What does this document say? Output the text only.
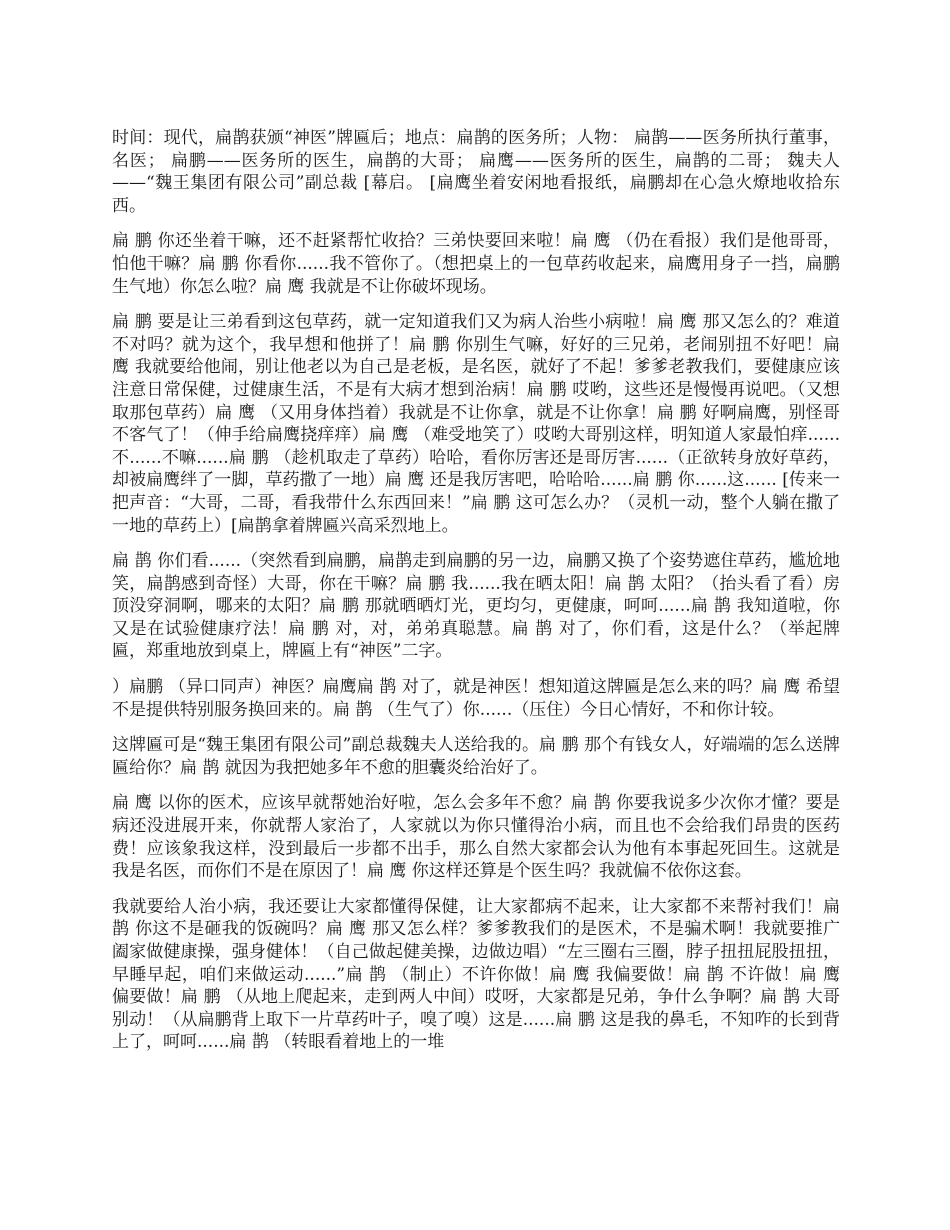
时间：现代，扁鹊获颁“神医”牌匾后；地点：扁鹊的医务所；人物： 扁鹊——医务所执行董事，名医； 扁鹏——医务所的医生，扁鹊的大哥； 扁鹰——医务所的医生，扁鹊的二哥； 魏夫人——“魏王集团有限公司”副总裁 [幕启。 [扁鹰坐着安闲地看报纸，扁鹏却在心急火燎地收拾东西。

扁 鹏 你还坐着干嘛，还不赶紧帮忙收拾？三弟快要回来啦！扁 鹰 （仍在看报）我们是他哥哥，怕他干嘛？扁 鹏 你看你......我不管你了。（想把桌上的一包草药收起来，扁鹰用身子一挡，扁鹏生气地）你怎么啦？扁 鹰 我就是不让你破坏现场。

扁 鹏 要是让三弟看到这包草药，就一定知道我们又为病人治些小病啦！扁 鹰 那又怎么的？难道不对吗？就为这个，我早想和他拼了！扁 鹏 你别生气嘛，好好的三兄弟，老闹别扭不好吧！扁 鹰 我就要给他闹，别让他老以为自己是老板，是名医，就好了不起！爹爹老教我们，要健康应该注意日常保健，过健康生活，不是有大病才想到治病！扁 鹏 哎哟，这些还是慢慢再说吧。（又想取那包草药）扁 鹰 （又用身体挡着）我就是不让你拿，就是不让你拿！扁 鹏 好啊扁鹰，别怪哥不客气了！（伸手给扁鹰挠痒痒）扁 鹰 （难受地笑了）哎哟大哥别这样，明知道人家最怕痒......不......不嘛......扁 鹏 （趁机取走了草药）哈哈，看你厉害还是哥厉害......（正欲转身放好草药，却被扁鹰绊了一脚，草药撒了一地）扁 鹰 还是我厉害吧，哈哈哈......扁 鹏 你......这...... [传来一把声音：“大哥，二哥，看我带什么东西回来！”扁 鹏 这可怎么办？（灵机一动，整个人躺在撒了一地的草药上）[扁鹊拿着牌匾兴高采烈地上。

扁 鹊 你们看......（突然看到扁鹏，扁鹊走到扁鹏的另一边，扁鹏又换了个姿势遮住草药，尴尬地笑，扁鹊感到奇怪）大哥，你在干嘛？扁 鹏 我......我在晒太阳！扁 鹊 太阳？（抬头看了看）房顶没穿洞啊，哪来的太阳？扁 鹏 那就晒晒灯光，更均匀，更健康，呵呵......扁 鹊 我知道啦，你又是在试验健康疗法！扁 鹏 对，对，弟弟真聪慧。扁 鹊 对了，你们看，这是什么？（举起牌匾，郑重地放到桌上，牌匾上有“神医”二字。

）扁鹏 （异口同声）神医？扁鹰扁 鹊 对了，就是神医！想知道这牌匾是怎么来的吗？扁 鹰 希望不是提供特别服务换回来的。扁 鹊 （生气了）你......（压住）今日心情好，不和你计较。

这牌匾可是“魏王集团有限公司”副总裁魏夫人送给我的。扁 鹏 那个有钱女人，好端端的怎么送牌匾给你？扁 鹊 就因为我把她多年不愈的胆囊炎给治好了。

扁 鹰 以你的医术，应该早就帮她治好啦，怎么会多年不愈？扁 鹊 你要我说多少次你才懂？要是病还没进展开来，你就帮人家治了，人家就以为你只懂得治小病，而且也不会给我们昂贵的医药费！应该象我这样，没到最后一步都不出手，那么自然大家都会认为他有本事起死回生。这就是我是名医，而你们不是在原因了！扁 鹰 你这样还算是个医生吗？我就偏不依你这套。

我就要给人治小病，我还要让大家都懂得保健，让大家都病不起来，让大家都不来帮衬我们！扁 鹊 你这不是砸我的饭碗吗？扁 鹰 那又怎么样？爹爹教我们的是医术，不是骗术啊！我就要推广阖家做健康操，强身健体！（自己做起健美操，边做边唱）“左三圈右三圈，脖子扭扭屁股扭扭，早睡早起，咱们来做运动......”扁 鹊 （制止）不许你做！扁 鹰 我偏要做！扁 鹊 不许做！扁 鹰 偏要做！扁 鹏 （从地上爬起来，走到两人中间）哎呀，大家都是兄弟，争什么争啊？扁 鹊 大哥别动！（从扁鹏背上取下一片草药叶子，嗅了嗅）这是......扁 鹏 这是我的鼻毛，不知咋的长到背上了，呵呵......扁 鹊 （转眼看着地上的一堆
